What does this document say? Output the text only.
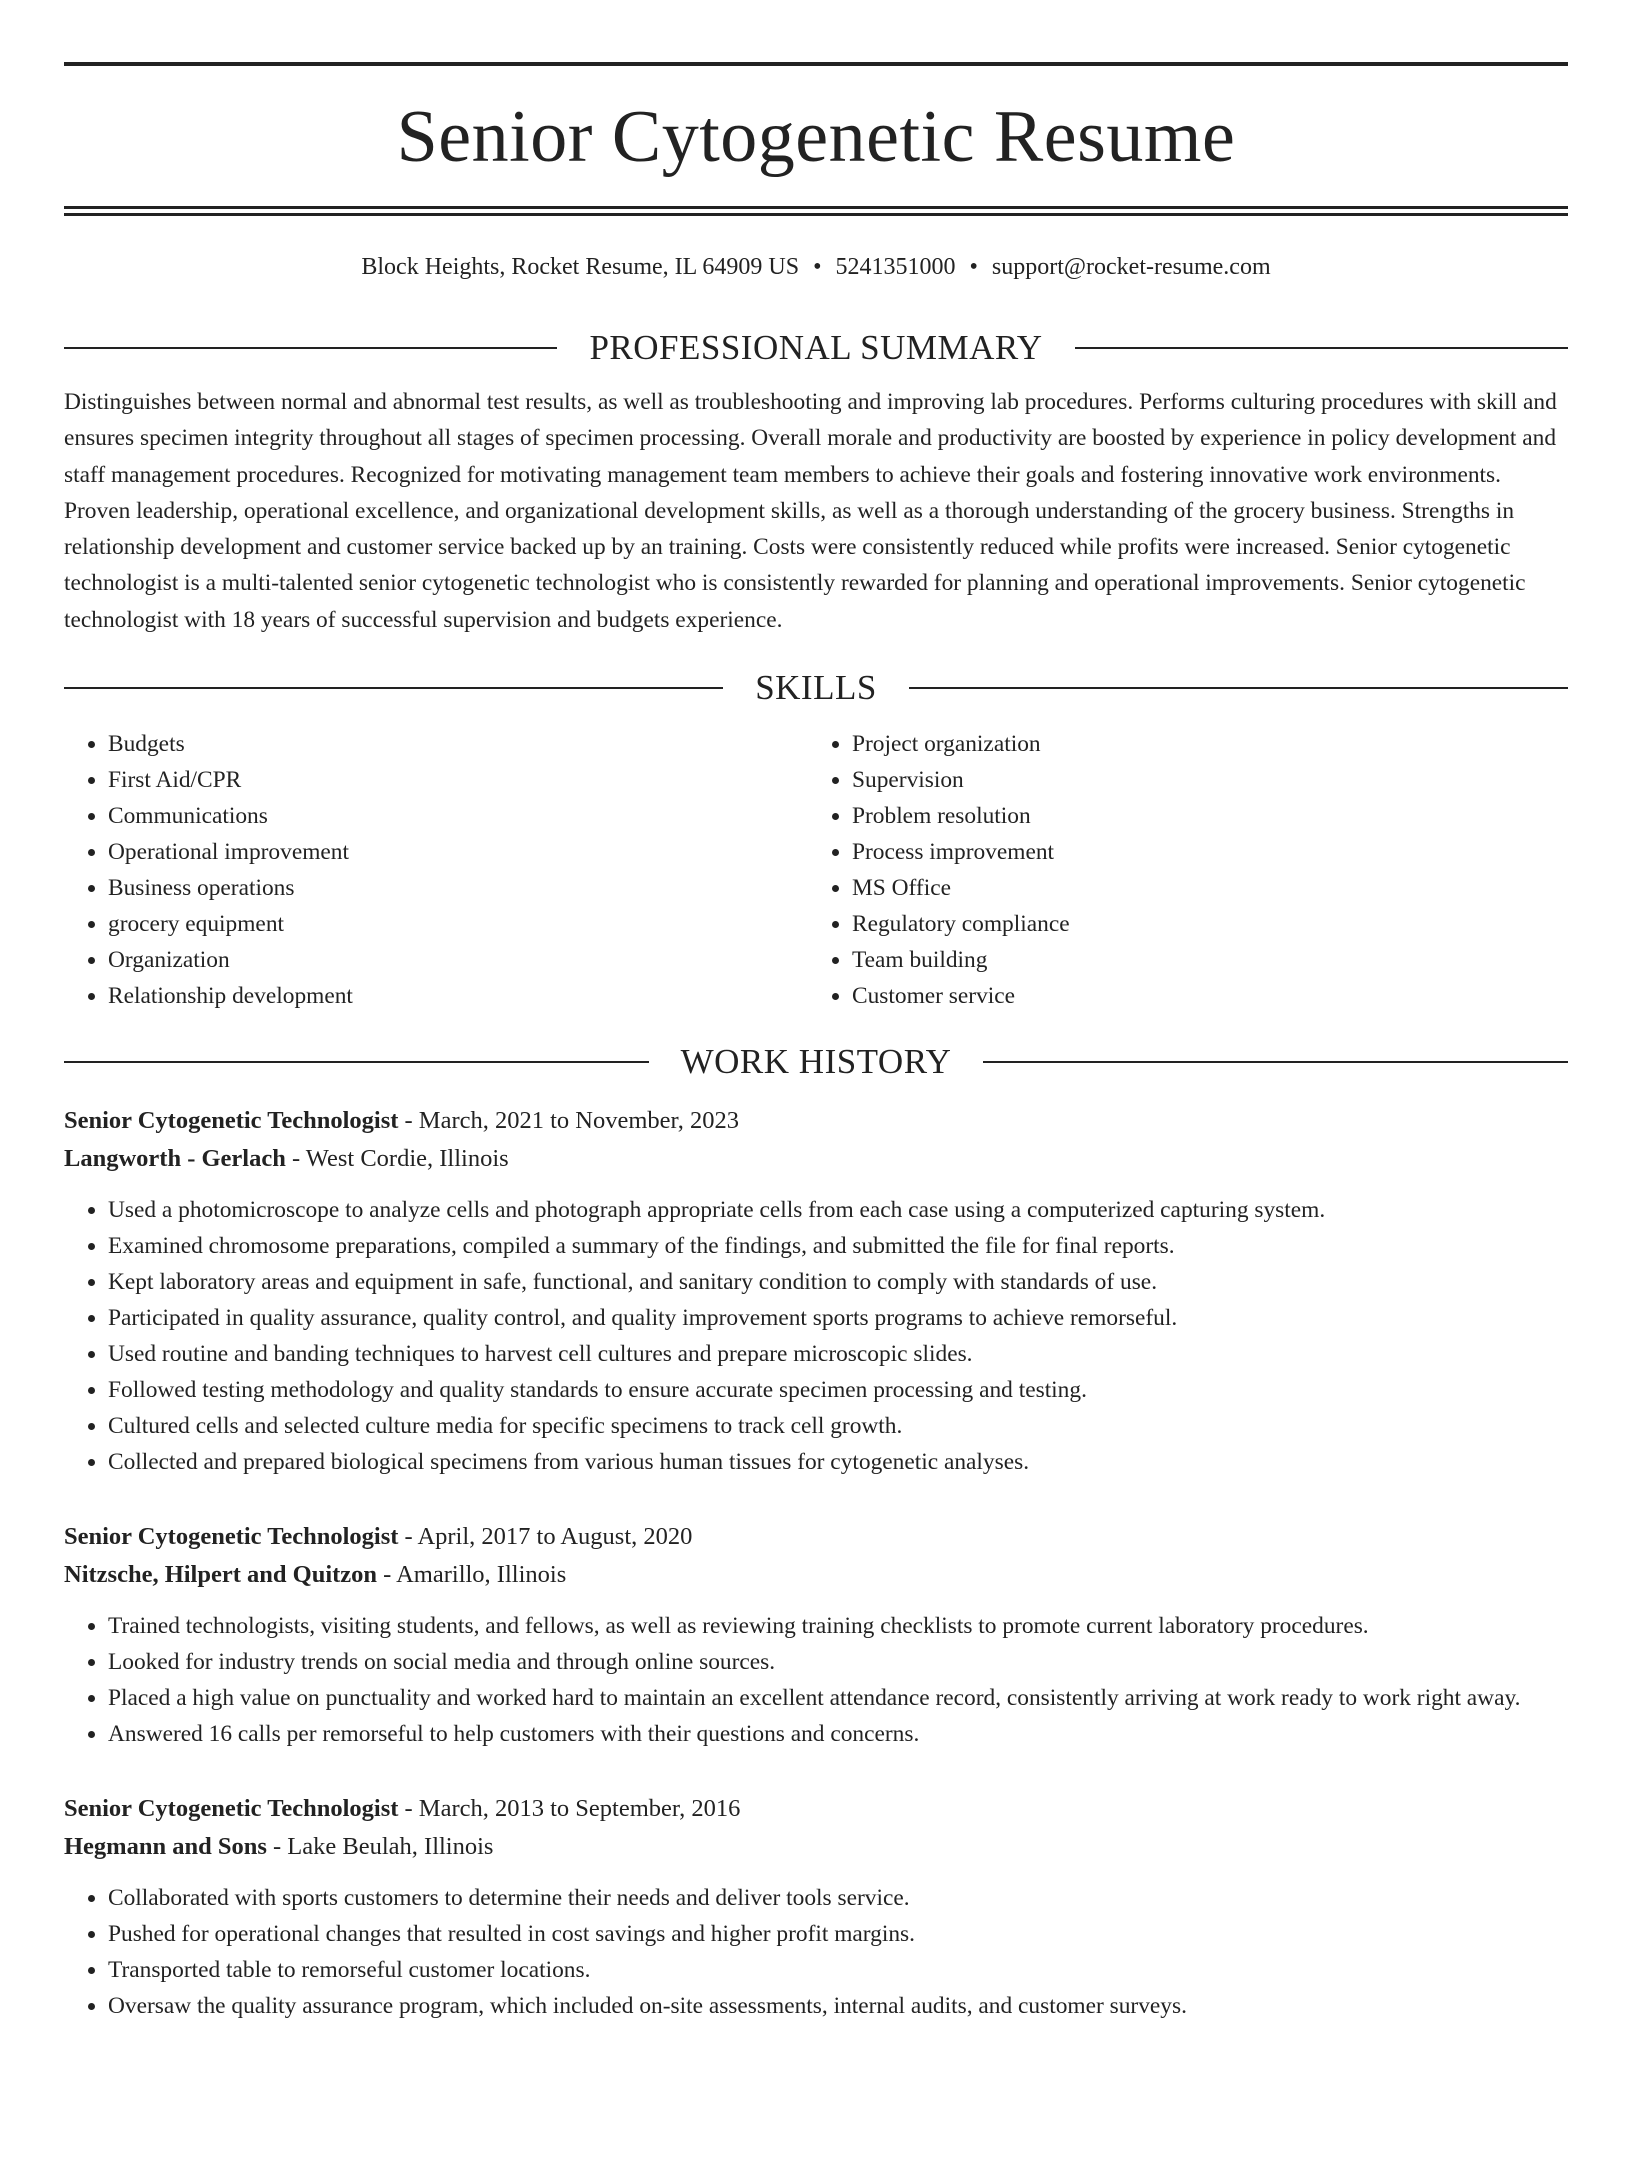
Senior Cytogenetic Resume
Block Heights, Rocket Resume, IL 64909 US • 5241351000 • support@rocket-resume.com
PROFESSIONAL SUMMARY
Distinguishes between normal and abnormal test results, as well as troubleshooting and improving lab procedures. Performs culturing procedures with skill and ensures specimen integrity throughout all stages of specimen processing. Overall morale and productivity are boosted by experience in policy development and staff management procedures. Recognized for motivating management team members to achieve their goals and fostering innovative work environments. Proven leadership, operational excellence, and organizational development skills, as well as a thorough understanding of the grocery business. Strengths in relationship development and customer service backed up by an training. Costs were consistently reduced while profits were increased. Senior cytogenetic technologist is a multi-talented senior cytogenetic technologist who is consistently rewarded for planning and operational improvements. Senior cytogenetic technologist with 18 years of successful supervision and budgets experience.
SKILLS
• Budgets
• First Aid/CPR
• Communications
• Operational improvement
• Business operations
• grocery equipment
• Organization
• Relationship development
• Project organization
• Supervision
• Problem resolution
• Process improvement
• MS Office
• Regulatory compliance
• Team building
• Customer service
WORK HISTORY
Senior Cytogenetic Technologist - March, 2021 to November, 2023
Langworth - Gerlach - West Cordie, Illinois
• Used a photomicroscope to analyze cells and photograph appropriate cells from each case using a computerized capturing system.
• Examined chromosome preparations, compiled a summary of the findings, and submitted the file for final reports.
• Kept laboratory areas and equipment in safe, functional, and sanitary condition to comply with standards of use.
• Participated in quality assurance, quality control, and quality improvement sports programs to achieve remorseful.
• Used routine and banding techniques to harvest cell cultures and prepare microscopic slides.
• Followed testing methodology and quality standards to ensure accurate specimen processing and testing.
• Cultured cells and selected culture media for specific specimens to track cell growth.
• Collected and prepared biological specimens from various human tissues for cytogenetic analyses.
Senior Cytogenetic Technologist - April, 2017 to August, 2020
Nitzsche, Hilpert and Quitzon - Amarillo, Illinois
• Trained technologists, visiting students, and fellows, as well as reviewing training checklists to promote current laboratory procedures.
• Looked for industry trends on social media and through online sources.
• Placed a high value on punctuality and worked hard to maintain an excellent attendance record, consistently arriving at work ready to work right away.
• Answered 16 calls per remorseful to help customers with their questions and concerns.
Senior Cytogenetic Technologist - March, 2013 to September, 2016
Hegmann and Sons - Lake Beulah, Illinois
• Collaborated with sports customers to determine their needs and deliver tools service.
• Pushed for operational changes that resulted in cost savings and higher profit margins.
• Transported table to remorseful customer locations.
• Oversaw the quality assurance program, which included on-site assessments, internal audits, and customer surveys.
